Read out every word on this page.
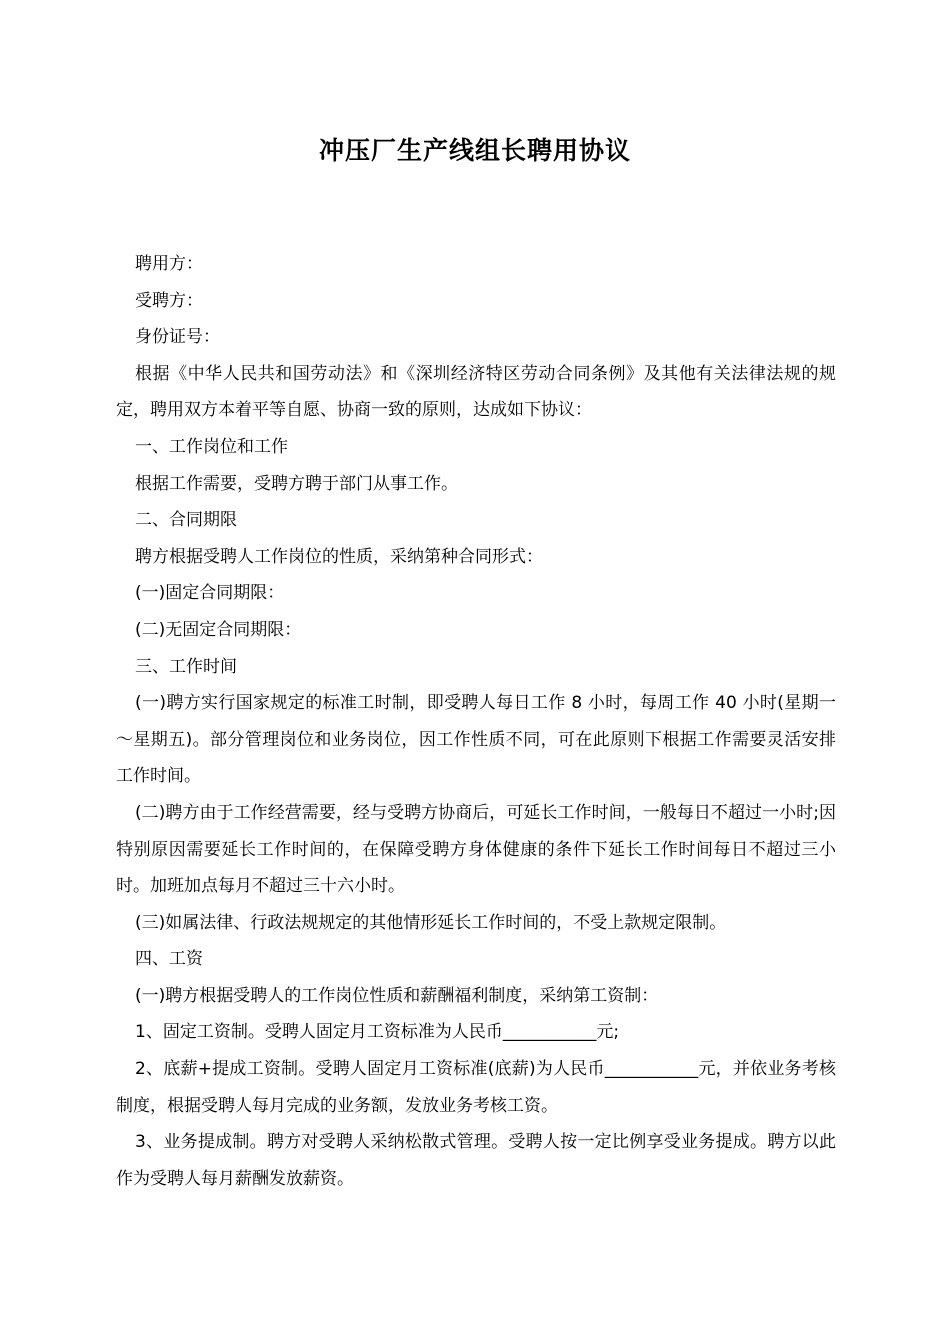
冲压厂生产线组长聘用协议

聘用方：

受聘方：

身份证号：

根据《中华人民共和国劳动法》和《深圳经济特区劳动合同条例》及其他有关法律法规的规定，聘用双方本着平等自愿、协商一致的原则，达成如下协议：

一、工作岗位和工作

根据工作需要，受聘方聘于部门从事工作。

二、合同期限

聘方根据受聘人工作岗位的性质，采纳第种合同形式：

(一)固定合同期限：

(二)无固定合同期限：

三、工作时间

(一)聘方实行国家规定的标准工时制，即受聘人每日工作 8 小时，每周工作 40 小时(星期一～星期五)。部分管理岗位和业务岗位，因工作性质不同，可在此原则下根据工作需要灵活安排工作时间。

(二)聘方由于工作经营需要，经与受聘方协商后，可延长工作时间，一般每日不超过一小时;因特别原因需要延长工作时间的，在保障受聘方身体健康的条件下延长工作时间每日不超过三小时。加班加点每月不超过三十六小时。

(三)如属法律、行政法规规定的其他情形延长工作时间的，不受上款规定限制。

四、工资

(一)聘方根据受聘人的工作岗位性质和薪酬福利制度，采纳第工资制：

1、固定工资制。受聘人固定月工资标准为人民币___________元;

2、底薪+提成工资制。受聘人固定月工资标准(底薪)为人民币___________元，并依业务考核制度，根据受聘人每月完成的业务额，发放业务考核工资。

3、业务提成制。聘方对受聘人采纳松散式管理。受聘人按一定比例享受业务提成。聘方以此作为受聘人每月薪酬发放薪资。
